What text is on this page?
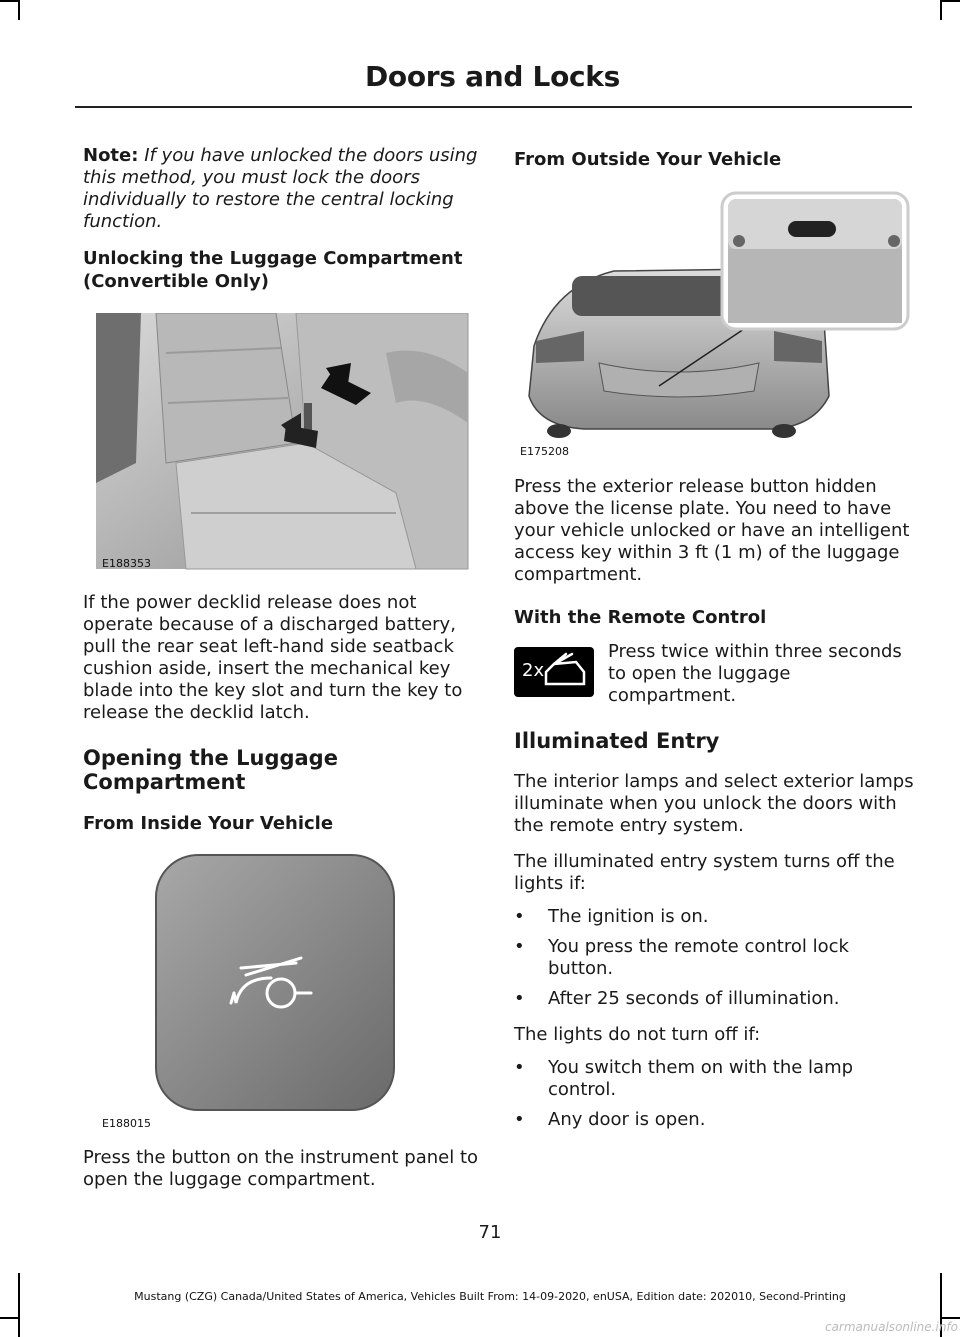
Doors and Locks

Note: If you have unlocked the doors using this method, you must lock the doors individually to restore the central locking function.

Unlocking the Luggage Compartment (Convertible Only)
E188353

If the power decklid release does not operate because of a discharged battery, pull the rear seat left-hand side seatback cushion aside, insert the mechanical key blade into the key slot and turn the key to release the decklid latch.

Opening the Luggage Compartment
From Inside Your Vehicle
E188015

Press the button on the instrument panel to open the luggage compartment.

From Outside Your Vehicle
E175208

Press the exterior release button hidden above the license plate. You need to have your vehicle unlocked or have an intelligent access key within 3 ft (1 m) of the luggage compartment.

With the Remote Control
2x

Press twice within three seconds to open the luggage compartment.

Illuminated Entry

The interior lamps and select exterior lamps illuminate when you unlock the doors with the remote entry system.

The illuminated entry system turns off the lights if:

• The ignition is on.
• You press the remote control lock button.
• After 25 seconds of illumination.

The lights do not turn off if:

• You switch them on with the lamp control.
• Any door is open.
71
Mustang (CZG) Canada/United States of America, Vehicles Built From: 14-09-2020, enUSA, Edition date: 202010, Second-Printing
carmanualsonline.info
